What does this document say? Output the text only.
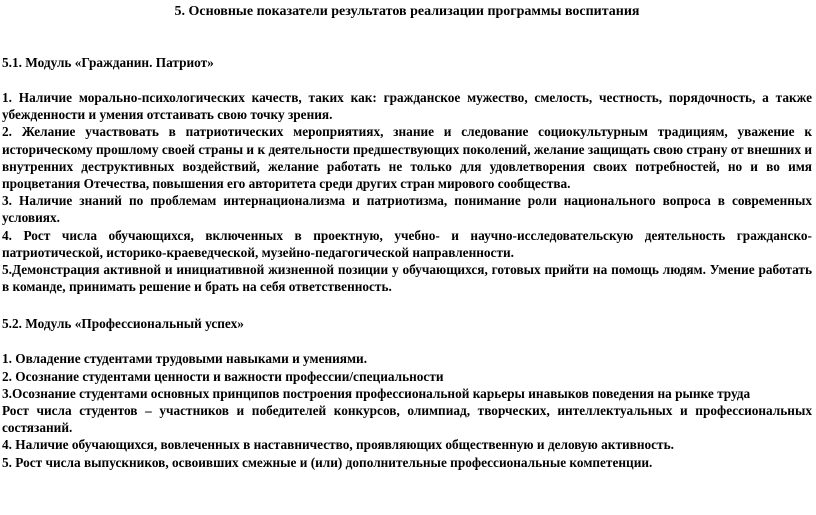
5. Основные показатели результатов реализации программы воспитания

5.1. Модуль «Гражданин. Патриот»

1. Наличие морально-психологических качеств, таких как: гражданское мужество, смелость, честность, порядочность, а также убежденности и умения отстаивать свою точку зрения.

2. Желание участвовать в патриотических мероприятиях, знание и следование социокультурным традициям, уважение к историческому прошлому своей страны и к деятельности предшествующих поколений, желание защищать свою страну от внешних и внутренних деструктивных воздействий, желание работать не только для удовлетворения своих потребностей, но и во имя процветания Отечества, повышения его авторитета среди других стран мирового сообщества.

3. Наличие знаний по проблемам интернационализма и патриотизма, понимание роли национального вопроса в современных условиях.

4. Рост числа обучающихся, включенных в проектную, учебно- и научно-исследовательскую деятельность гражданско-патриотической, историко-краеведческой, музейно-педагогической направленности.

5.Демонстрация активной и инициативной жизненной позиции у обучающихся, готовых прийти на помощь людям. Умение работать в команде, принимать решение и брать на себя ответственность.

5.2. Модуль «Профессиональный успех»

1. Овладение студентами трудовыми навыками и умениями.

2. Осознание студентами ценности и важности профессии/специальности

3.Осознание студентами основных принципов построения профессиональной карьеры инавыков поведения на рынке труда

Рост числа студентов – участников и победителей конкурсов, олимпиад, творческих, интеллектуальных и профессиональных состязаний.

4. Наличие обучающихся, вовлеченных в наставничество, проявляющих общественную и деловую активность.

5. Рост числа выпускников, освоивших смежные и (или) дополнительные профессиональные компетенции.
